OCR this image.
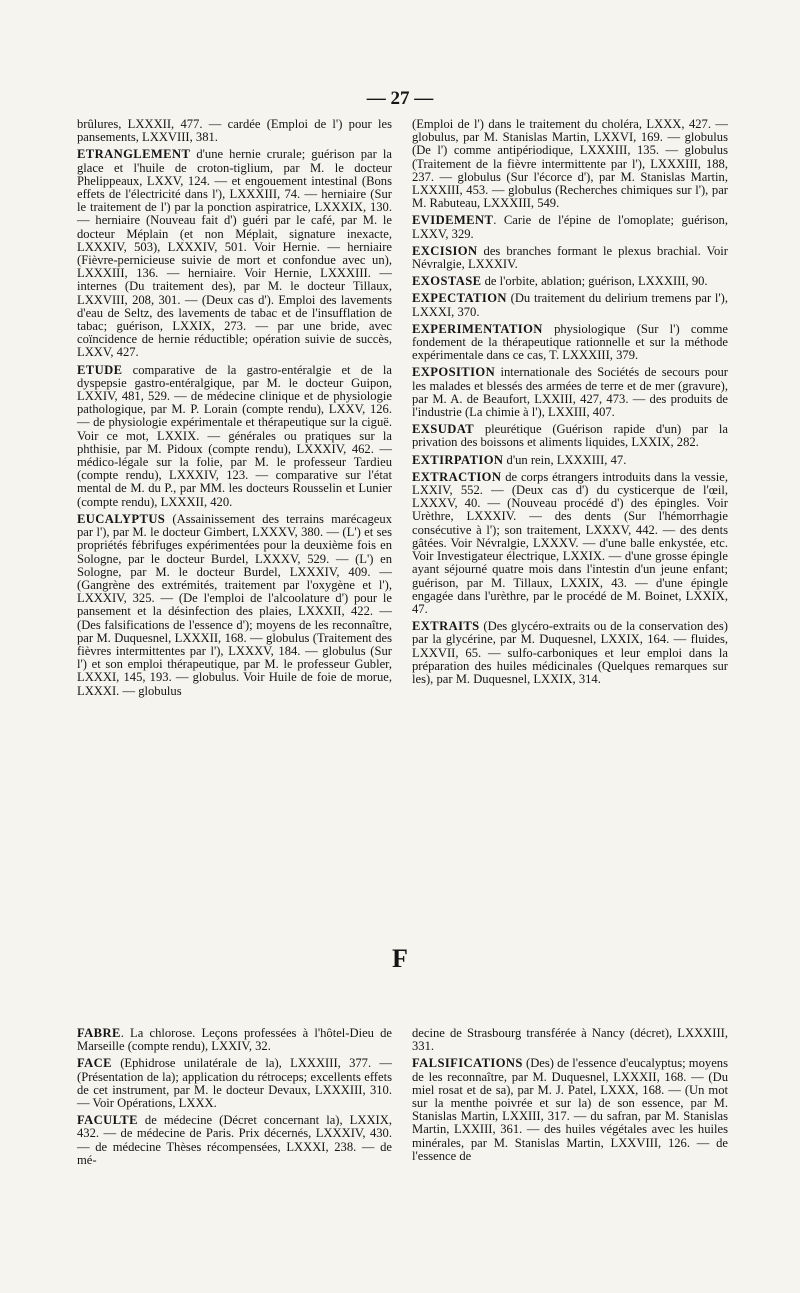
— 27 —

brûlures, LXXXII, 477. — cardée (Emploi de l') pour les pansements, LXXVIII, 381.

ETRANGLEMENT d'une hernie crurale; guérison par la glace et l'huile de croton-tiglium, par M. le docteur Phelippeaux, LXXV, 124. — et engouement intestinal (Bons effets de l'électricité dans l'), LXXXIII, 74. — herniaire (Sur le traitement de l') par la ponction aspiratrice, LXXXIX, 130. — herniaire (Nouveau fait d') guéri par le café, par M. le docteur Méplain (et non Méplait, signature inexacte, LXXXIV, 503), LXXXIV, 501. Voir Hernie. — herniaire (Fièvre-pernicieuse suivie de mort et confondue avec un), LXXXIII, 136. — herniaire. Voir Hernie, LXXXIII. — internes (Du traitement des), par M. le docteur Tillaux, LXXVIII, 208, 301. — (Deux cas d'). Emploi des lavements d'eau de Seltz, des lavements de tabac et de l'insufflation de tabac; guérison, LXXIX, 273. — par une bride, avec coïncidence de hernie réductible; opération suivie de succès, LXXV, 427.

ETUDE comparative de la gastro-entéralgie et de la dyspepsie gastro-entéralgique, par M. le docteur Guipon, LXXIV, 481, 529. — de médecine clinique et de physiologie pathologique, par M. P. Lorain (compte rendu), LXXV, 126. — de physiologie expérimentale et thérapeutique sur la ciguë. Voir ce mot, LXXIX. — générales ou pratiques sur la phthisie, par M. Pidoux (compte rendu), LXXXIV, 462. — médico-légale sur la folie, par M. le professeur Tardieu (compte rendu), LXXXIV, 123. — comparative sur l'état mental de M. du P., par MM. les docteurs Rousselin et Lunier (compte rendu), LXXXII, 420.

EUCALYPTUS (Assainissement des terrains marécageux par l'), par M. le docteur Gimbert, LXXXV, 380. — (L') et ses propriétés fébrifuges expérimentées pour la deuxième fois en Sologne, par le docteur Burdel, LXXXV, 529. — (L') en Sologne, par M. le docteur Burdel, LXXXIV, 409. — (Gangrène des extrémités, traitement par l'oxygène et l'), LXXXIV, 325. — (De l'emploi de l'alcoolature d') pour le pansement et la désinfection des plaies, LXXXII, 422. — (Des falsifications de l'essence d'); moyens de les reconnaître, par M. Duquesnel, LXXXII, 168. — globulus (Traitement des fièvres intermittentes par l'), LXXXV, 184. — globulus (Sur l') et son emploi thérapeutique, par M. le professeur Gubler, LXXXI, 145, 193. — globulus. Voir Huile de foie de morue, LXXXI. — globulus

(Emploi de l') dans le traitement du choléra, LXXX, 427. — globulus, par M. Stanislas Martin, LXXVI, 169. — globulus (De l') comme antipériodique, LXXXIII, 135. — globulus (Traitement de la fièvre intermittente par l'), LXXXIII, 188, 237. — globulus (Sur l'écorce d'), par M. Stanislas Martin, LXXXIII, 453. — globulus (Recherches chimiques sur l'), par M. Rabuteau, LXXXIII, 549.

EVIDEMENT. Carie de l'épine de l'omoplate; guérison, LXXV, 329.

EXCISION des branches formant le plexus brachial. Voir Névralgie, LXXXIV.

EXOSTASE de l'orbite, ablation; guérison, LXXXIII, 90.

EXPECTATION (Du traitement du delirium tremens par l'), LXXXI, 370.

EXPERIMENTATION physiologique (Sur l') comme fondement de la thérapeutique rationnelle et sur la méthode expérimentale dans ce cas, T. LXXXIII, 379.

EXPOSITION internationale des Sociétés de secours pour les malades et blessés des armées de terre et de mer (gravure), par M. A. de Beaufort, LXXIII, 427, 473. — des produits de l'industrie (La chimie à l'), LXXIII, 407.

EXSUDAT pleurétique (Guérison rapide d'un) par la privation des boissons et aliments liquides, LXXIX, 282.

EXTIRPATION d'un rein, LXXXIII, 47.

EXTRACTION de corps étrangers introduits dans la vessie, LXXIV, 552. — (Deux cas d') du cysticerque de l'œil, LXXXV, 40. — (Nouveau procédé d') des épingles. Voir Urèthre, LXXXIV. — des dents (Sur l'hémorrhagie consécutive à l'); son traitement, LXXXV, 442. — des dents gâtées. Voir Névralgie, LXXXV. — d'une balle enkystée, etc. Voir Investigateur électrique, LXXIX. — d'une grosse épingle ayant séjourné quatre mois dans l'intestin d'un jeune enfant; guérison, par M. Tillaux, LXXIX, 43. — d'une épingle engagée dans l'urèthre, par le procédé de M. Boinet, LXXIX, 47.

EXTRAITS (Des glycéro-extraits ou de la conservation des) par la glycérine, par M. Duquesnel, LXXIX, 164. — fluides, LXXVII, 65. — sulfo-carboniques et leur emploi dans la préparation des huiles médicinales (Quelques remarques sur les), par M. Duquesnel, LXXIX, 314.

F

FABRE. La chlorose. Leçons professées à l'hôtel-Dieu de Marseille (compte rendu), LXXIV, 32.

FACE (Ephidrose unilatérale de la), LXXXIII, 377. — (Présentation de la); application du rétroceps; excellents effets de cet instrument, par M. le docteur Devaux, LXXXIII, 310. — Voir Opérations, LXXX.

FACULTE de médecine (Décret concernant la), LXXIX, 432. — de médecine de Paris. Prix décernés, LXXXIV, 430. — de médecine Thèses récompensées, LXXXI, 238. — de mé-

decine de Strasbourg transférée à Nancy (décret), LXXXIII, 331.

FALSIFICATIONS (Des) de l'essence d'eucalyptus; moyens de les reconnaître, par M. Duquesnel, LXXXII, 168. — (Du miel rosat et de sa), par M. J. Patel, LXXX, 168. — (Un mot sur la menthe poivrée et sur la) de son essence, par M. Stanislas Martin, LXXIII, 317. — du safran, par M. Stanislas Martin, LXXIII, 361. — des huiles végétales avec les huiles minérales, par M. Stanislas Martin, LXXVIII, 126. — de l'essence de
